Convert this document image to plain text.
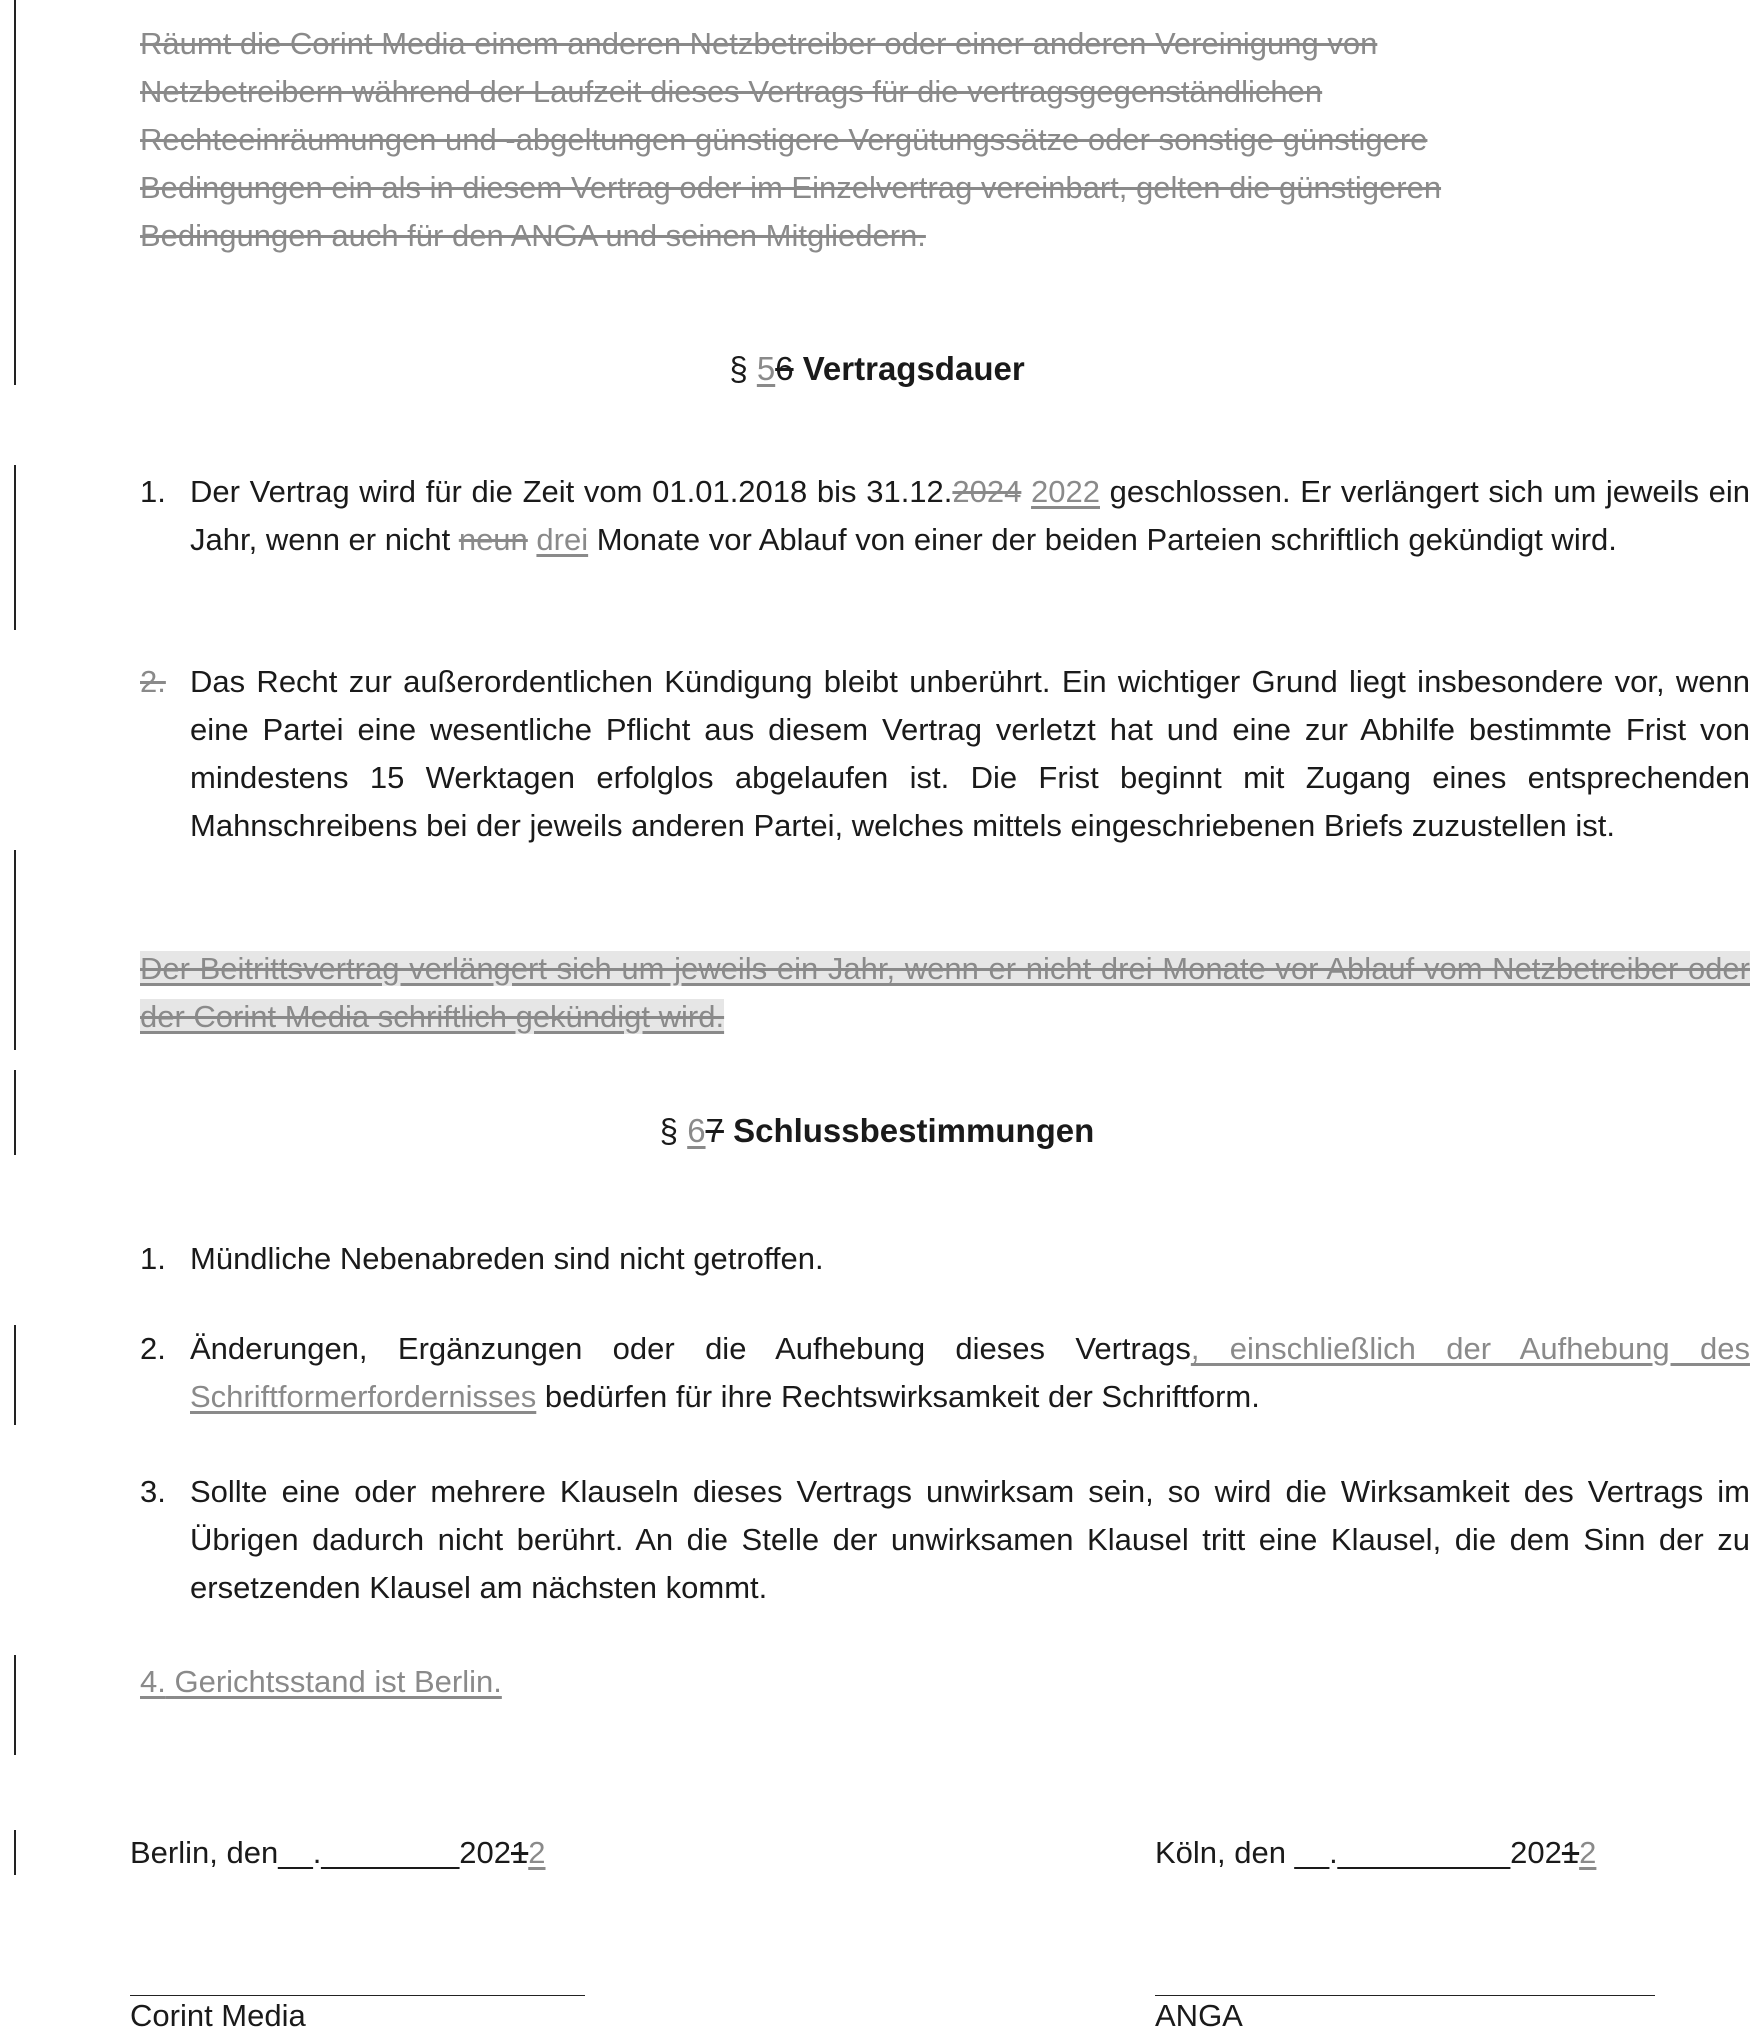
Räumt die Corint Media einem anderen Netzbetreiber oder einer anderen Vereinigung von
Netzbetreibern während der Laufzeit dieses Vertrags für die vertragsgegenständlichen
Rechteeinräumungen und -abgeltungen günstigere Vergütungssätze oder sonstige günstigere
Bedingungen ein als in diesem Vertrag oder im Einzelvertrag vereinbart, gelten die günstigeren
Bedingungen auch für den ANGA und seinen Mitgliedern.
§ 56 Vertragsdauer
1. Der Vertrag wird für die Zeit vom 01.01.2018 bis 31.12.2024 2022 geschlossen. Er verlängert sich um jeweils ein Jahr, wenn er nicht neun drei Monate vor Ablauf von einer der beiden Parteien schriftlich gekündigt wird.
2. Das Recht zur außerordentlichen Kündigung bleibt unberührt. Ein wichtiger Grund liegt insbesondere vor, wenn eine Partei eine wesentliche Pflicht aus diesem Vertrag verletzt hat und eine zur Abhilfe bestimmte Frist von mindestens 15 Werktagen erfolglos abgelaufen ist. Die Frist beginnt mit Zugang eines entsprechenden Mahnschreibens bei der jeweils anderen Partei, welches mittels eingeschriebenen Briefs zuzustellen ist.
Der Beitrittsvertrag verlängert sich um jeweils ein Jahr, wenn er nicht drei Monate vor Ablauf vom Netzbetreiber oder der Corint Media schriftlich gekündigt wird.
§ 67 Schlussbestimmungen
1. Mündliche Nebenabreden sind nicht getroffen.
2. Änderungen, Ergänzungen oder die Aufhebung dieses Vertrags, einschließlich der Aufhebung des Schriftformerfordernisses bedürfen für ihre Rechtswirksamkeit der Schriftform.
3. Sollte eine oder mehrere Klauseln dieses Vertrags unwirksam sein, so wird die Wirksamkeit des Vertrags im Übrigen dadurch nicht berührt. An die Stelle der unwirksamen Klausel tritt eine Klausel, die dem Sinn der zu ersetzenden Klausel am nächsten kommt.
4. Gerichtsstand ist Berlin.
Berlin, den__.________20212
Corint Media
Köln, den __.__________20212
ANGA
